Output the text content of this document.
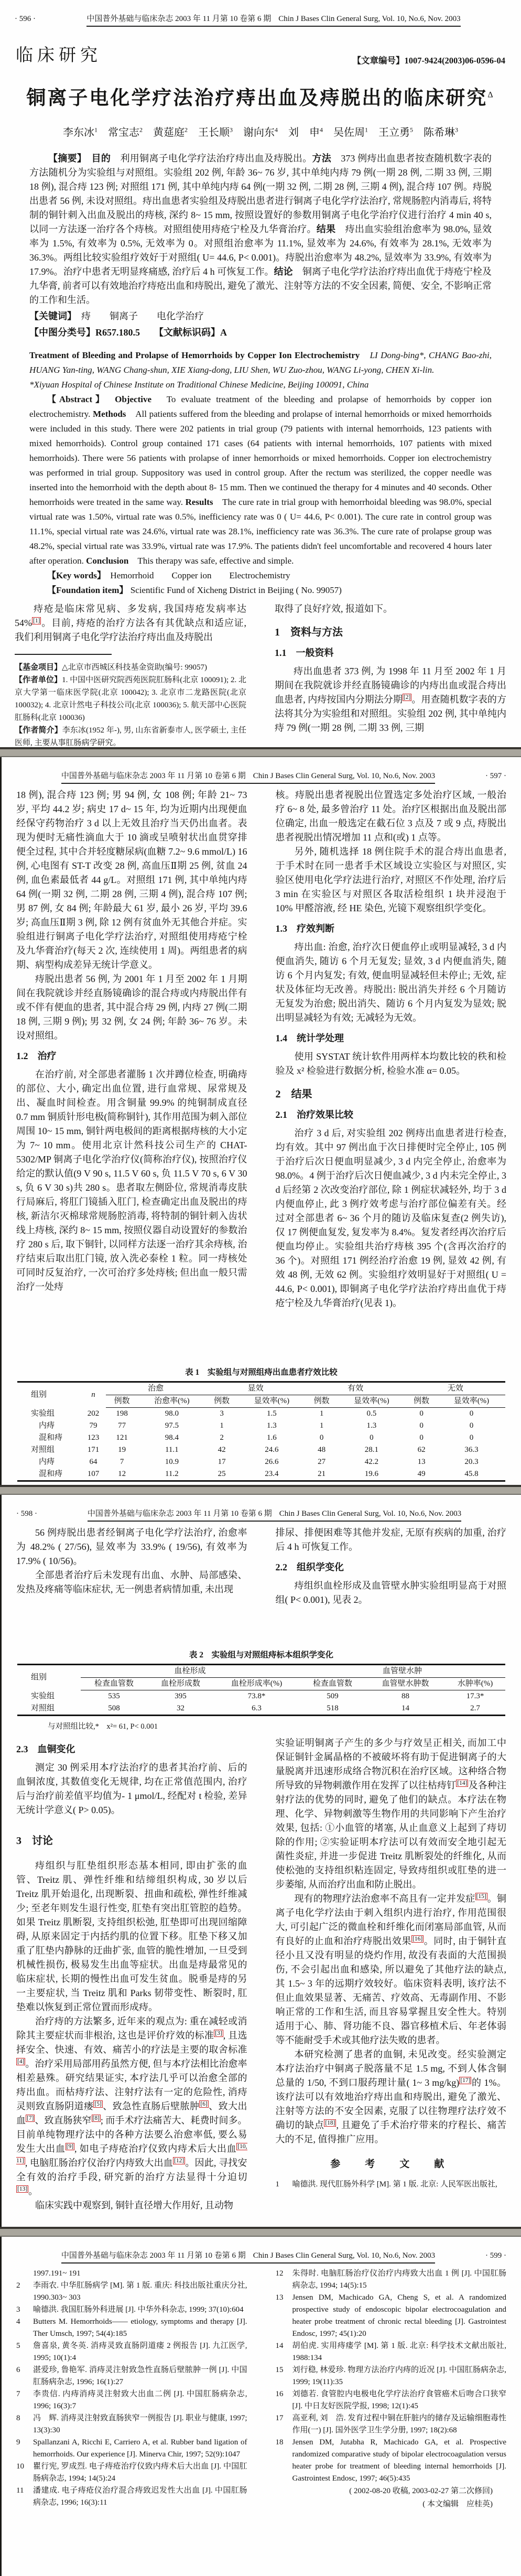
· 596 ·	中国普外基础与临床杂志 2003 年 11 月第 10 卷第 6 期 Chin J Bases Clin General Surg, Vol. 10, No.6, Nov. 2003
临床研究	【文章编号】1007-9424(2003)06-0596-04
铜离子电化学疗法治疗痔出血及痔脱出的临床研究$^\Delta$
李东冰$^1$　常宝志$^2$　黄莚庭$^2$　王长顺$^3$　谢向东$^4$　刘　申$^4$　吴佐周$^1$　王立勇$^5$　陈希琳$^3$

【摘要】　 目的　 利用铜离子电化学疗法治疗痔出血及痔脱出。方法　 373 例痔出血患者按查随机数字表的方法随机分为实验组与对照组。实验组 202 例, 年龄 36~ 76 岁, 其中单纯内痔 79 例(一期 28 例, 二期 33 例, 三期 18 例), 混合痔 123 例; 对照组 171 例, 其中单纯内痔 64 例(一期 32 例, 二期 28 例, 三期 4 例), 混合痔 107 例。痔脱出患者 56 例, 未设对照组。痔出血患者实验组及痔脱出患者进行铜离子电化学疗法治疗, 常规肠腔内消毒后, 将特制的铜针刺入出血及脱出的痔核, 深约 8~ 15 mm, 按照设置好的参数用铜离子电化学治疗仪进行治疗 4 min 40 s, 以同一方法逐一治疗各个痔核。对照组使用痔疮宁栓及九华膏治疗。结果　 痔出血实验组治愈率为 98.0%, 显效率为 1.5%, 有效率为 0.5%, 无效率为 0。对照组治愈率为 11.1%, 显效率为 24.6%, 有效率为 28.1%, 无效率为 36.3%。两组比较实验组疗效好于对照组( U= 44.6, P< 0.001)。痔脱出治愈率为 48.2%, 显效率为 33.9%, 有效率为 17.9%。治疗中患者无明显疼痛感, 治疗后 4 h 可恢复工作。结论　 铜离子电化学疗法治疗痔出血优于痔疮宁栓及九华膏, 前者可以有效地治疗痔疮出血和痔脱出, 避免了激光、注射等方法的不安全因素, 简便、安全, 不影响正常的工作和生活。

【关键词】　 痔　　铜离子　　电化学治疗
【中图分类号】R657.180.5　　 【文献标识码】A

Treatment of Bleeding and Prolapse of Hemorrhoids by Copper Ion Electrochemistry　 LI Dong-bing*, CHANG Bao-zhi, HUANG Yan-ting, WANG Chang-shun, XIE Xiang-dong, LIU Shen, WU Zuo-zhou, WANG Li-yong, CHEN Xi-lin.

*Xiyuan Hospital of Chinese Institute on Traditional Chinese Medicine, Beijing 100091, China

【Abstract】　 Objective　 To evaluate treatment of the bleeding and prolapse of hemorrhoids by copper ion electrochemistry. Methods　 All patients suffered from the bleeding and prolapse of internal hemorrhoids or mixed hemorrhoids were included in this study. There were 202 patients in trial group (79 patients with internal hemorrhoids, 123 patients with mixed hemorrhoids). Control group contained 171 cases (64 patients with internal hemorrhoids, 107 patients with mixed hemorrhoids). There were 56 patients with prolapse of inner hemorrhoids or mixed hemorrhoids. Copper ion electrochemistry was performed in trial group. Suppository was used in control group. After the rectum was sterilized, the copper needle was inserted into the hemorrhoid with the depth about 8- 15 mm. Then we continued the therapy for 4 minutes and 40 seconds. Other hemorrhoids were treated in the same way. Results　 The cure rate in trial group with hemorrhoidal bleeding was 98.0%, special virtual rate was 1.50%, virtual rate was 0.5%, inefficiency rate was 0 ( U= 44.6, P< 0.001). The cure rate in control group was 11.1%, special virtual rate was 24.6%, virtual rate was 28.1%, inefficiency rate was 36.3%. The cure rate of prolapse group was 48.2%, special virtual rate was 33.9%, virtual rate was 17.9%. The patients didn't feel uncomfortable and recovered 4 hours later after operation. Conclusion　 This therapy was safe, effective and simple.

【Key words】　 Hemorrhoid　　Copper ion　　Electrochemistry

【Foundation item】 Scientific Fund of Xicheng District in Beijing ( No. 99057)

痔疮是临床常见病、多发病, 我国痔疮发病率达 54% [1] 。目前, 痔疮的治疗方法各有其优缺点和适应证, 我们利用铜离子电化学疗法治疗痔出血及痔脱出

【基金项目】△北京市西城区科技基金资助(编号: 99057)

【作者单位】1. 中国中医研究院西苑医院肛肠科(北京 100091); 2. 北京大学第一临床医学院(北京 100042); 3. 北京市二龙路医院(北京 100032); 4. 北京计然电子科技公司(北京 100036); 5. 航天部中心医院肛肠科(北京 100036)

【作者简介】李东冰(1952 年-), 男, 山东省新泰市人, 医学硕士, 主任医师, 主要从事肛肠病学研究。

取得了良好疗效, 报道如下。

1　资料与方法
1.1　一般资料

痔出血患者 373 例, 为 1998 年 11 月至 2002 年 1 月期间在我院就诊并经直肠镜确诊的内痔出血或混合痔出血患者, 内痔按国内分期法分期 [2] 。用查随机数字表的方法将其分为实验组和对照组。实验组 202 例, 其中单纯内痔 79 例(一期 28 例, 二期 33 例, 三期

中国普外基础与临床杂志 2003 年 11 月第 10 卷第 6 期 Chin J Bases Clin General Surg, Vol. 10, No.6, Nov. 2003	· 597 ·

18 例), 混合痔 123 例; 男 94 例, 女 108 例; 年龄 21~ 73 岁, 平均 44.2 岁; 病史 17 d~ 15 年, 均为近期内出现便血经保守药物治疗 3 d 以上无效且治疗当天仍出血者。表现为便时无痛性滴血大于 10 滴或呈喷射状出血贯穿排便全过程, 其中合并轻度糖尿病(血糖 7.2~ 9.6 mmol/L) 16 例, 心电图有 ST-T 改变 28 例, 高血压Ⅱ期 25 例, 贫血 24 例, 血色素最低者 44 g/L。对照组 171 例, 其中单纯内痔 64 例(一期 32 例, 二期 28 例, 三期 4 例), 混合痔 107 例; 男 87 例, 女 84 例; 年龄最大 61 岁, 最小 26 岁, 平均 39.6 岁; 高血压Ⅱ期 3 例, 除 12 例有贫血外无其他合并症。实验组进行铜离子电化学疗法治疗, 对照组使用痔疮宁栓及九华膏治疗(每天 2 次, 连续使用 1 周)。两组患者的病期、病型构成差异无统计学意义。

痔脱出患者 56 例, 为 2001 年 1 月至 2002 年 1 月期间在我院就诊并经直肠镜确诊的混合痔或内痔脱出伴有或不伴有便血的患者, 其中混合痔 29 例, 内痔 27 例(二期 18 例, 三期 9 例); 男 32 例, 女 24 例; 年龄 36~ 76 岁。未设对照组。

1.2　治疗

在治疗前, 对全部患者灌肠 1 次并蹲位检查, 明确痔的部位、大小, 确定出血位置, 进行血常规、尿常规及出、凝血时间检查。用含铜量 99.9% 的纯铜制成直径 0.7 mm 铜质针形电极(简称铜针), 其作用范围为刺入部位周围 10~ 15 mm, 铜针两电极间的距离根据痔核的大小定为 7~ 10 mm。使用北京计然科技公司生产的 CHAT-5302/MP 铜离子电化学治疗仪(简称治疗仪), 按照治疗仪给定的默认值(9 V 90 s, 11.5 V 60 s, 负 11.5 V 70 s, 6 V 30 s, 负 6 V 30 s)共 280 s。患者取左侧卧位, 常规消毒皮肤行局麻后, 将肛门镜插入肛门, 检查确定出血及脱出的痔核, 新洁尔灭棉球常规肠腔消毒, 将特制的铜针刺入齿状线上痔核, 深约 8~ 15 mm, 按照仪器自动设置好的参数治疗 280 s 后, 取下铜针, 以同样方法逐一治疗其余痔核, 治疗结束后取出肛门镜, 放入洗必泰栓 1 粒。同一痔核处可同时反复治疗, 一次可治疗多处痔核; 但出血一般只需治疗一处痔

核。痔脱出患者视脱出位置选定多处治疗区域, 一般治疗 6~ 8 处, 最多曾治疗 11 处。治疗区根据出血及脱出部位确定, 出血一般选定在截石位 3 点及 7 或 9 点, 痔脱出患者视脱出情况增加 11 点和(或) 1 点等。

另外, 随机选择 18 例住院手术的混合痔出血患者, 于手术时在同一患者手术区域设立实验区与对照区, 实验区使用电化学疗法进行治疗, 对照区不作处理, 治疗后 3 min 在实验区与对照区各取活检组织 1 块并浸泡于 10% 甲醛溶液, 经 HE 染色, 光镜下观察组织学变化。

1.3　疗效判断

痔出血: 治愈, 治疗次日便血停止或明显减轻, 3 d 内便血消失, 随访 6 个月无复发; 显效, 3 d 内便血消失, 随访 6 个月内复发; 有效, 便血明显减轻但未停止; 无效, 症状及体征均无改善。痔脱出: 脱出消失并经 6 个月随访无复发为治愈; 脱出消失、随访 6 个月内复发为显效; 脱出明显减轻为有效; 无减轻为无效。

1.4　统计学处理

使用 SYSTAT 统计软件用两样本均数比较的秩和检验及 x² 检验进行数据分析, 检验水准 α= 0.05。

2　结果
2.1　治疗效果比较

治疗 3 d 后, 对实验组 202 例痔出血患者进行检查, 均有效。其中 97 例出血于次日排便时完全停止, 105 例于治疗后次日便血明显减少, 3 d 内完全停止, 治愈率为 98.0%。4 例于治疗后次日便血减少, 3 d 内未完全停止, 3 d 后经第 2 次改变治疗部位, 除 1 例症状减轻外, 均于 3 d 内便血停止, 此 3 例疗效考虑与治疗部位偏差有关。经过对全部患者 6~ 36 个月的随访及临床复查(2 例失访), 仅 17 例便血复发, 复发率为 8.4%。复发者经再次治疗后便血均停止。实验组共治疗痔核 395 个(含再次治疗的 36 个)。对照组 171 例经治疗治愈 19 例, 显效 42 例, 有效 48 例, 无效 62 例。实验组疗效明显好于对照组( U = 44.6, P< 0.001), 即铜离子电化学疗法治疗痔出血优于痔疮宁栓及九华膏治疗(见表 1)。

表 1　实验组与对照组痔出血患者疗效比较
组别	n	治愈		显效		有效		无效	
		例数	治愈率(%)	例数	显效率(%)	例数	显效率(%)	例数	显效率(%)
实验组	202	198	98.0	3	1.5	1	0.5	0	0
　内痔	79	77	97.5	1	1.3	1	1.3	0	0
　混和痔	123	121	98.4	2	1.6	0	0	0	0
对照组	171	19	11.1	42	24.6	48	28.1	62	36.3
　内痔	64	7	10.9	17	26.6	27	42.2	13	20.3
　混和痔	107	12	11.2	25	23.4	21	19.6	49	45.8
· 598 ·	中国普外基础与临床杂志 2003 年 11 月第 10 卷第 6 期 Chin J Bases Clin General Surg, Vol. 10, No.6, Nov. 2003

56 例痔脱出患者经铜离子电化学疗法治疗, 治愈率为 48.2% ( 27/56), 显效率为 33.9% ( 19/56), 有效率为 17.9% ( 10/56)。

全部患者治疗后未发现有出血、水肿、局部感染、发热及疼痛等临床症状, 无一例患者病情加重, 未出现

排尿、排便困难等其他并发症, 无原有疾病的加重, 治疗后 4 h 可恢复工作。

2.2　组织学变化

痔组织血栓形成及血管壁水肿实验组明显高于对照组( P< 0.001), 见表 2。

表 2　实验组与对照组痔标本组织学变化
组别	血栓形成			血管壁水肿		
	检查血管数	血栓形成数	血栓形成率(%)	检查血管数	血管壁水肿数	水肿率(%)
实验组	535	395	73.8*	509	88	17.3*
对照组	508	32	6.3	518	14	2.7
与对照组比较,*　x²= 61, P< 0.001
2.3　血铜变化

测定 30 例采用本疗法治疗的患者其治疗前、后的血铜浓度, 其数值变化无规律, 均在正常值范围内, 治疗后与治疗前差值平均值为- 1 μmol/L, 经配对 t 检验, 差异无统计学意义( P> 0.05)。

3　讨论

痔组织与肛垫组织形态基本相同, 即由扩张的血管、Treitz 肌、弹性纤维和结缔组织构成, 30 岁以后 Treitz 肌开始退化, 出现断裂、扭曲和疏松, 弹性纤维减少; 至老年则发生退行性变, 肛垫有突出肛管腔的趋势。如果 Treitz 肌断裂, 支持组织松弛, 肛垫即可出现回缩障碍, 从原来固定于内括约肌的位置下移。肛垫下移又加重了肛垫内静脉的迂曲扩张, 血管的脆性增加, 一旦受到机械性损伤, 极易发生出血等症状。出血是痔最常见的临床症状, 长期的慢性出血可发生贫血。脱垂是痔的另一主要症状, 当 Treitz 肌和 Parks 韧带变性、断裂时, 肛垫难以恢复到正常位置而形成痔。

治疗痔的方法繁多, 近年来的观点为: 重在减轻或消除其主要症状而非根治, 这也是评价疗效的标准 [3] , 且选择安全、快速、有效、痛苦小的疗法是主要的取舍标准[4] 。治疗采用局部用药虽然方便, 但与本疗法相比治愈率相差悬殊。研究结果证实, 本疗法几乎可以治愈全部的痔出血。而枯痔疗法、注射疗法有一定的危险性, 消痔灵则致直肠阴道瘘 [5] 、致急性直肠后壁脓肿 [6] 、致大出血 [7] 、致直肠狭窄 [8] ; 而手术疗法痛苦大、耗费时间多。目前单纯物理疗法中的各种方法要么治愈率低, 要么易发生大出血 [9] , 如电子痔疮治疗仪致内痔术后大出血 [10, 11] , 电脑肛肠治疗仪治疗内痔致大出血 [12] 。因此, 寻找安全有效的治疗手段, 研究新的治疗方法显得十分迫切[13] 。

临床实践中观察到, 铜针直径增大作用好, 且动物

实验证明铜离子产生的多少与疗效呈正相关, 而加工中保证铜针金属晶格的不被破坏将有助于促进铜离子的大量脱离并迅速形成络合物沉积在治疗区域。这种络合物所导致的异物刺激作用在发挥了以往枯痔钉 [14] 及各种注射疗法的优势的同时, 避免了他们的缺点。本疗法在物理、化学、异物刺激等生物作用的共同影响下产生治疗效果, 包括: ①小血管的堵塞, 从止血意义上起到了痔切除的作用; ②实验证明本疗法可以有效而安全地引起无菌性炎症, 并进一步促进 Treitz 肌断裂处的纤维化, 从而使松弛的支持组织粘连固定, 导致痔组织或肛垫的进一步萎缩, 从而治疗出血和防止脱出。

现有的物理疗法治愈率不高且有一定并发症 [15] 。铜离子电化学疗法由于刺入组织内进行治疗, 作用范围很大, 可引起广泛的微血栓和纤维化而闭塞局部血管, 从而有良好的止血和治疗痔脱出效果 [16] 。同时, 由于铜针直径小且又没有明显的烧灼作用, 故没有表面的大范围损伤, 不会引起出血和感染, 所以避免了其他疗法的缺点, 其 1.5~ 3 年的远期疗效较好。临床资料表明, 该疗法不但止血效果显著、无痛苦、疗效高、无毒副作用、不影响正常的工作和生活, 而且容易掌握且安全性大。特别适用于心、肺、肾功能不良、器官移植术后、年老体弱等不能耐受手术或其他疗法失败的患者。

本研究检测了患者的血铜, 未见改变。经实验测定本疗法治疗中铜离子脱落量不足 1.5 mg, 不到人体含铜总量的 1/50, 不到口服药理计量( 1~ 3 mg/kg) [17] 的 1%。该疗法可以有效地治疗痔出血和痔脱出, 避免了激光、注射等方法的不安全因素, 克服了以往物理疗法疗效不确切的缺点 [18] , 且避免了手术治疗带来的疗程长、痛苦大的不足, 值得推广应用。

参　考　文　献
1	喻德洪. 现代肛肠外科学 [M]. 第 1 版. 北京: 人民军医出版社,
中国普外基础与临床杂志 2003 年 11 月第 10 卷第 6 期 Chin J Bases Clin General Surg, Vol. 10, No.6, Nov. 2003	· 599 ·
1997.191~ 191
2	李雨农. 中华肛肠病学 [M]. 第 1 版. 重庆: 科技出版社重庆分社, 1990.303~ 303
3	喻德洪. 我国肛肠外科进展 [J]. 中华外科杂志, 1999; 37(10):604
4	Butters M. Hemorrhoids—— etiology, symptoms and therapy [J]. Ther Umsch, 1997; 54(4):185
5	詹喜泉, 黄冬英. 消痔灵致直肠阴道瘘 2 例报告 [J]. 九江医学, 1995; 10(1):4
6	湛爱珍, 鲁艳军. 消痔灵注射致急性直肠后壁脓肿一例 [J]. 中国肛肠病杂志, 1996; 16(1):27
7	李贵信. 内痔消痔灵注射致大出血二例 [J]. 中国肛肠病杂志, 1996; 16(3):7
8	冯　辉. 消痔灵注射致直肠狭窄一例报告 [J]. 职业与健康, 1997; 13(3):30
9	Spallanzani A, Ricchi E, Carriero A, et al. Rubber band ligation of hemorrhoids. Our experience [J]. Minerva Chir, 1997; 52(9):1047
10	瞿行宪, 罗成烈. 电子痔疮治疗仪致内痔术后大出血 [J]. 中国肛肠病杂志, 1994; 14(5):24
11	潘建成. 电子痔疮仪治疗混合痔致迟发性大出血 [J]. 中国肛肠病杂志, 1996; 16(3):11
12	朱得时. 电脑肛肠治疗仪治疗内痔致大出血 1 例 [J]. 中国肛肠病杂志, 1994; 14(5):15
13	Jensen DM, Machicado GA, Cheng S, et al. A randomized prospective study of endoscopic bipolar electrocoagulation and heater probe treatment of chronic rectal bleeding [J]. Gastrointest Endosc, 1997; 45(1):20
14	胡伯虎. 实用痔瘘学 [M]. 第 1 版. 北京: 科学技术文献出版社, 1988:134
15	刘行稳, 林爱珍. 物理方法治疗内痔的近况 [J]. 中国肛肠病杂志, 1999; 19(11):35
16	刘德若. 食管腔内电极电化学疗法治疗食管癌术后吻合口狭窄 [J]. 中日友好医院学报, 1998; 12(1):45
17	高亚利, 刘　浩. 发育过程中铜在肝脏内的储存及运输细胞毒性作用(一) [J]. 国外医学卫生学分册, 1997; 18(2):68
18	Jensen DM, Jutabha R, Machicado GA, et al. Prospective randomized comparative study of bipolar electrocoagulation versus heater probe for treatment of bleeding internal hemorrhoids [J]. Gastrointest Endosc, 1997; 46(5):435
( 2002-08-20 收稿, 2003-02-27 第二次修回)
( 本文编辑　应桂英)
